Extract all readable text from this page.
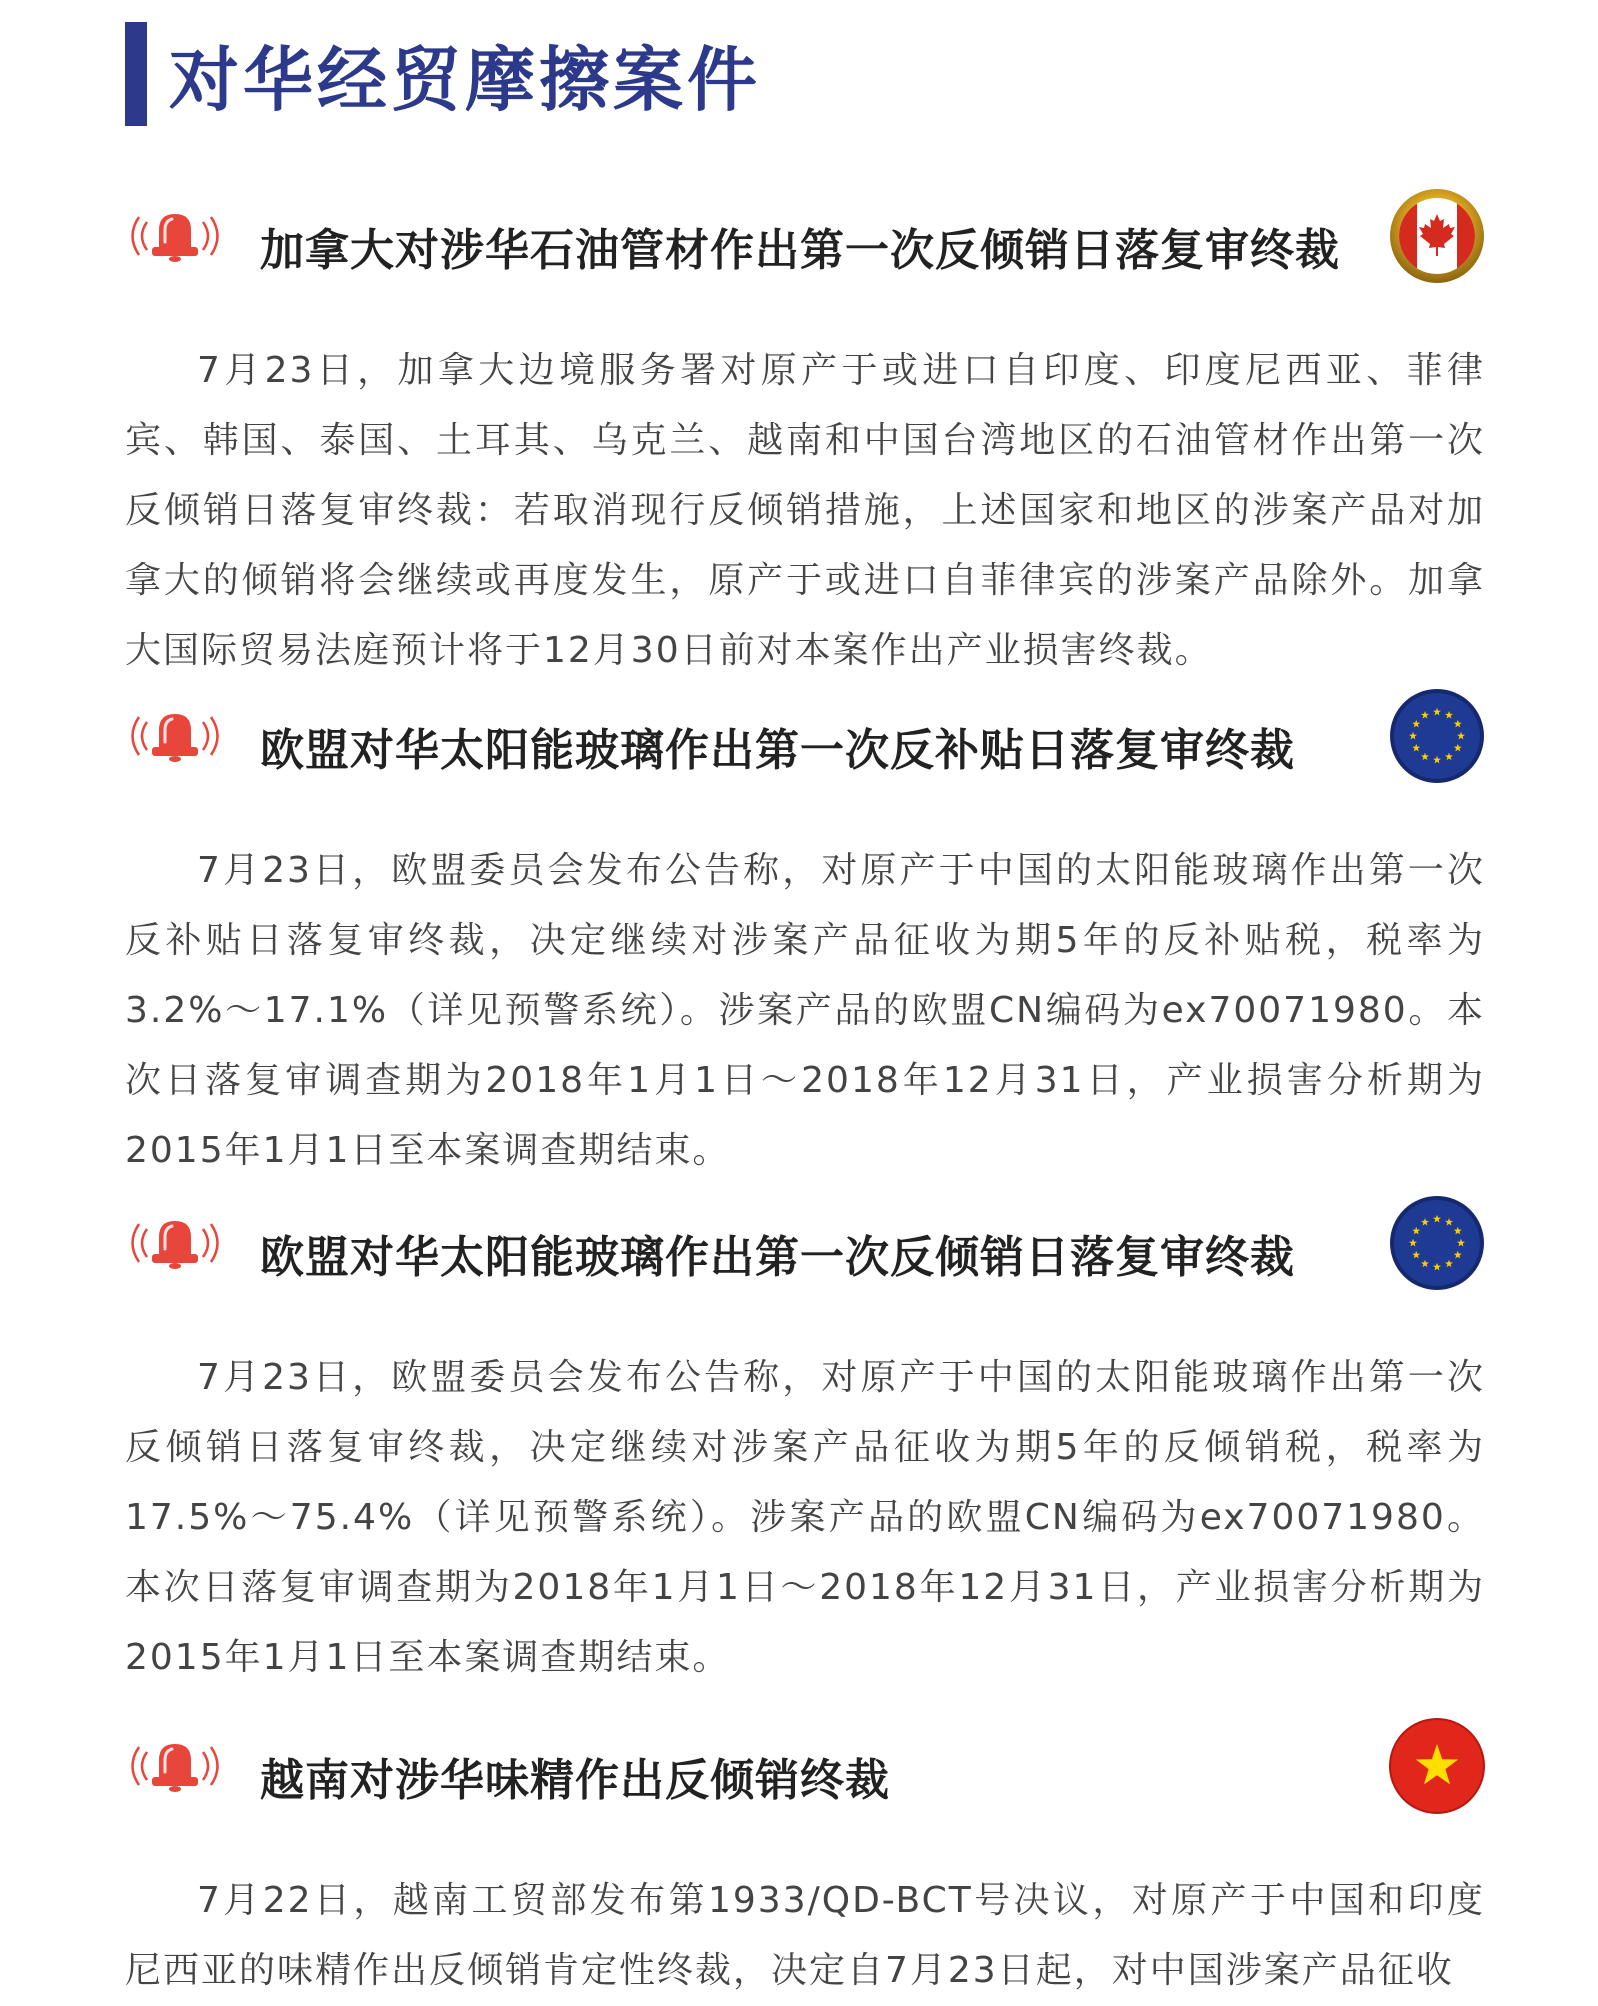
对华经贸摩擦案件
加拿大对涉华石油管材作出第一次反倾销日落复审终裁
7月23日，加拿大边境服务署对原产于或进口自印度、印度尼西亚、菲律宾、韩国、泰国、土耳其、乌克兰、越南和中国台湾地区的石油管材作出第一次反倾销日落复审终裁：若取消现行反倾销措施，上述国家和地区的涉案产品对加拿大的倾销将会继续或再度发生，原产于或进口自菲律宾的涉案产品除外。加拿大国际贸易法庭预计将于12月30日前对本案作出产业损害终裁。
欧盟对华太阳能玻璃作出第一次反补贴日落复审终裁
7月23日，欧盟委员会发布公告称，对原产于中国的太阳能玻璃作出第一次反补贴日落复审终裁，决定继续对涉案产品征收为期5年的反补贴税，税率为3.2%～17.1%（详见预警系统）。涉案产品的欧盟CN编码为ex70071980。本次日落复审调查期为2018年1月1日～2018年12月31日，产业损害分析期为2015年1月1日至本案调查期结束。
欧盟对华太阳能玻璃作出第一次反倾销日落复审终裁
7月23日，欧盟委员会发布公告称，对原产于中国的太阳能玻璃作出第一次反倾销日落复审终裁，决定继续对涉案产品征收为期5年的反倾销税，税率为17.5%～75.4%（详见预警系统）。涉案产品的欧盟CN编码为ex70071980。本次日落复审调查期为2018年1月1日～2018年12月31日，产业损害分析期为2015年1月1日至本案调查期结束。
越南对涉华味精作出反倾销终裁
7月22日，越南工贸部发布第1933/QD-BCT号决议，对原产于中国和印度尼西亚的味精作出反倾销肯定性终裁，决定自7月23日起，对中国涉案产品征收
